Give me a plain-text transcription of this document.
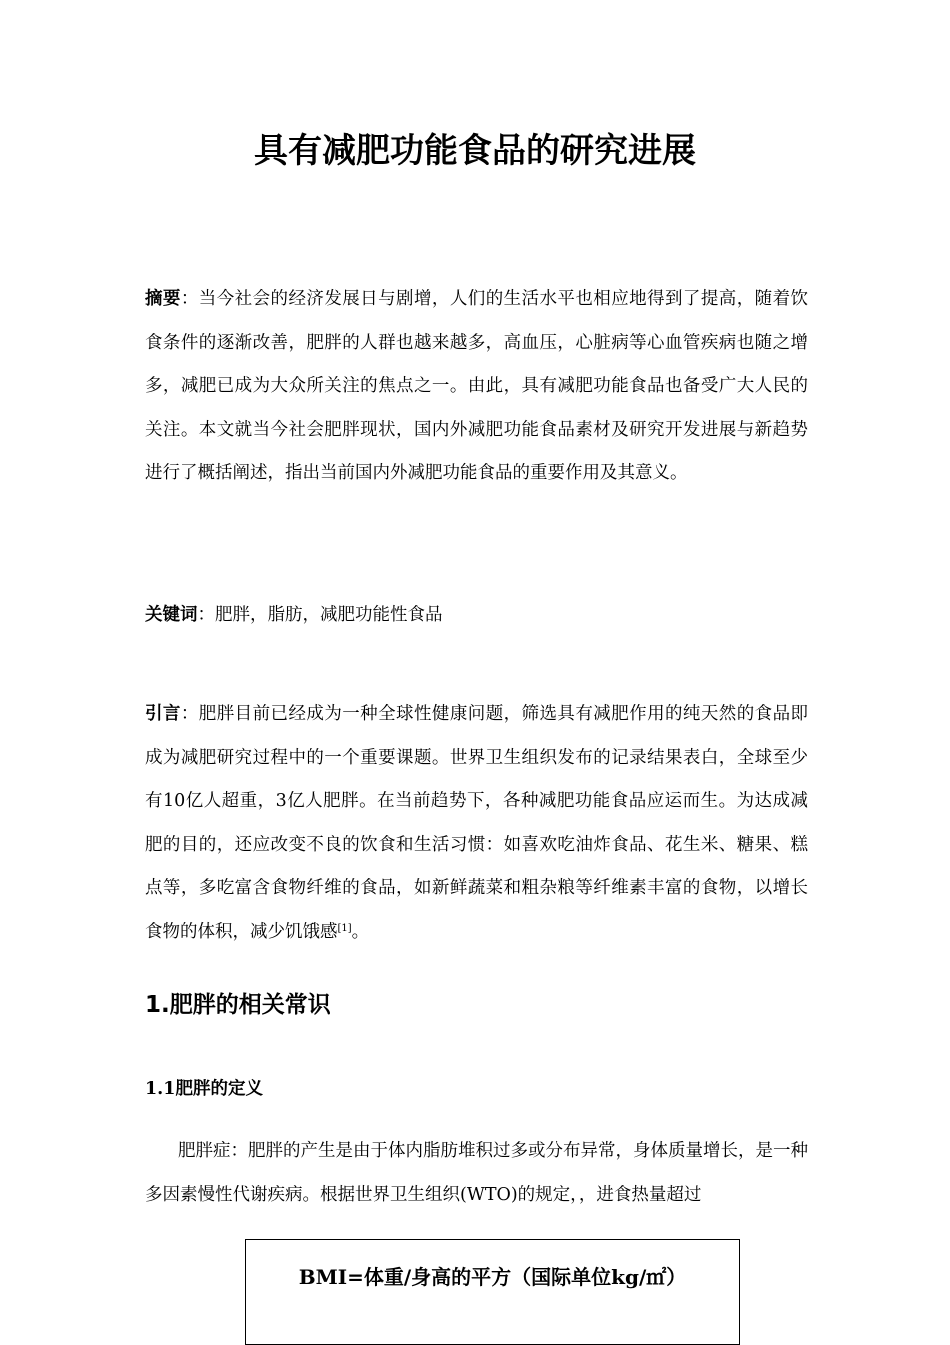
具有减肥功能食品的研究进展

摘要：当今社会的经济发展日与剧增，人们的生活水平也相应地得到了提高，随着饮食条件的逐渐改善，肥胖的人群也越来越多，高血压，心脏病等心血管疾病也随之增多，减肥已成为大众所关注的焦点之一。由此，具有减肥功能食品也备受广大人民的关注。本文就当今社会肥胖现状，国内外减肥功能食品素材及研究开发进展与新趋势进行了概括阐述，指出当前国内外减肥功能食品的重要作用及其意义。

关键词：肥胖，脂肪，减肥功能性食品

引言：肥胖目前已经成为一种全球性健康问题，筛选具有减肥作用的纯天然的食品即成为减肥研究过程中的一个重要课题。世界卫生组织发布的记录结果表白，全球至少有10亿人超重，3亿人肥胖。在当前趋势下，各种减肥功能食品应运而生。为达成减肥的目的，还应改变不良的饮食和生活习惯：如喜欢吃油炸食品、花生米、糖果、糕点等，多吃富含食物纤维的食品，如新鲜蔬菜和粗杂粮等纤维素丰富的食物，以增长食物的体积，减少饥饿感[1]。

1.肥胖的相关常识
1.1肥胖的定义

肥胖症：肥胖的产生是由于体内脂肪堆积过多或分布异常，身体质量增长，是一种多因素慢性代谢疾病。根据世界卫生组织(WTO)的规定，，进食热量超过

BMI=体重/身高的平方（国际单位kg/㎡）
